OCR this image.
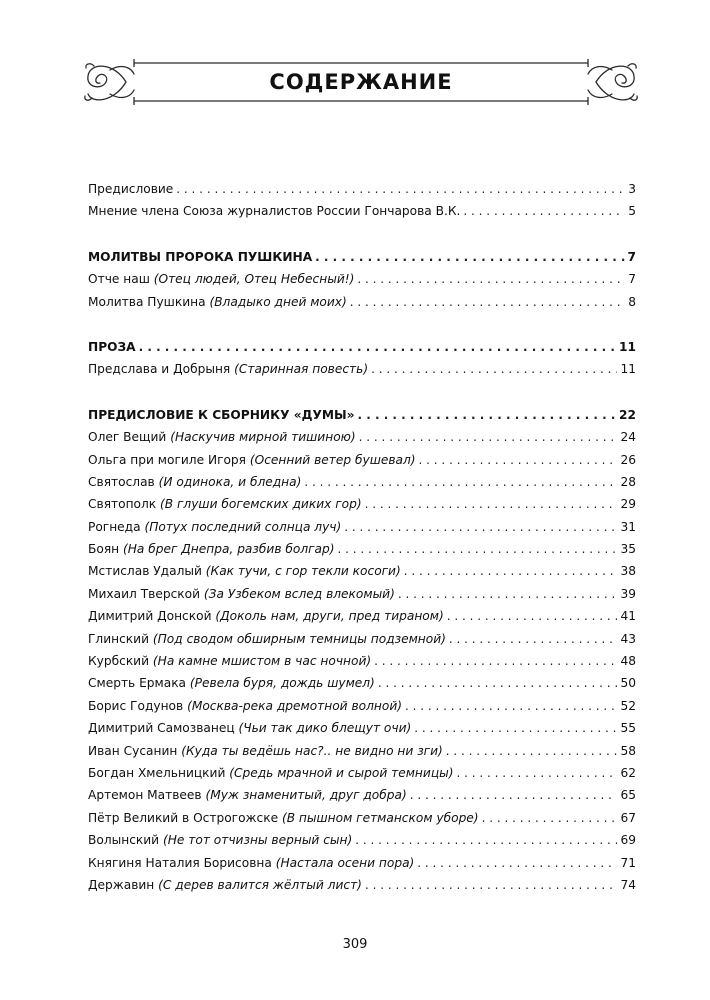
СОДЕРЖАНИЕ
Предисловие . . .	3
Мнение члена Союза журналистов России Гончарова В.К. . . .	5
МОЛИТВЫ ПРОРОКА ПУШКИНА . . .	7
Отче наш (Отец людей, Отец Небесный!) . . .	7
Молитва Пушкина (Владыко дней моих) . . .	8
ПРОЗА . . .	11
Предслава и Добрыня (Старинная повесть) . . .	11
ПРЕДИСЛОВИЕ К СБОРНИКУ «ДУМЫ» . . .	22
Олег Вещий (Наскучив мирной тишиною) . . .	24
Ольга при могиле Игоря (Осенний ветер бушевал) . . .	26
Святослав (И одинока, и бледна) . . .	28
Святополк (В глуши богемских диких гор) . . .	29
Рогнеда (Потух последний солнца луч) . . .	31
Боян (На брег Днепра, разбив болгар) . . .	35
Мстислав Удалый (Как тучи, с гор текли косоги) . . .	38
Михаил Тверской (За Узбеком вслед влекомый) . . .	39
Димитрий Донской (Доколь нам, други, пред тираном) . . .	41
Глинский (Под сводом обширным темницы подземной) . . .	43
Курбский (На камне мшистом в час ночной) . . .	48
Смерть Ермака (Ревела буря, дождь шумел) . . .	50
Борис Годунов (Москва-река дремотной волной) . . .	52
Димитрий Самозванец (Чьи так дико блещут очи) . . .	55
Иван Сусанин (Куда ты ведёшь нас?.. не видно ни зги) . . .	58
Богдан Хмельницкий (Средь мрачной и сырой темницы) . . .	62
Артемон Матвеев (Муж знаменитый, друг добра) . . .	65
Пётр Великий в Острогожске (В пышном гетманском уборе) . . .	67
Волынский (Не тот отчизны верный сын) . . .	69
Княгиня Наталия Борисовна (Настала осени пора) . . .	71
Державин (С дерев валится жёлтый лист) . . .	74
309
